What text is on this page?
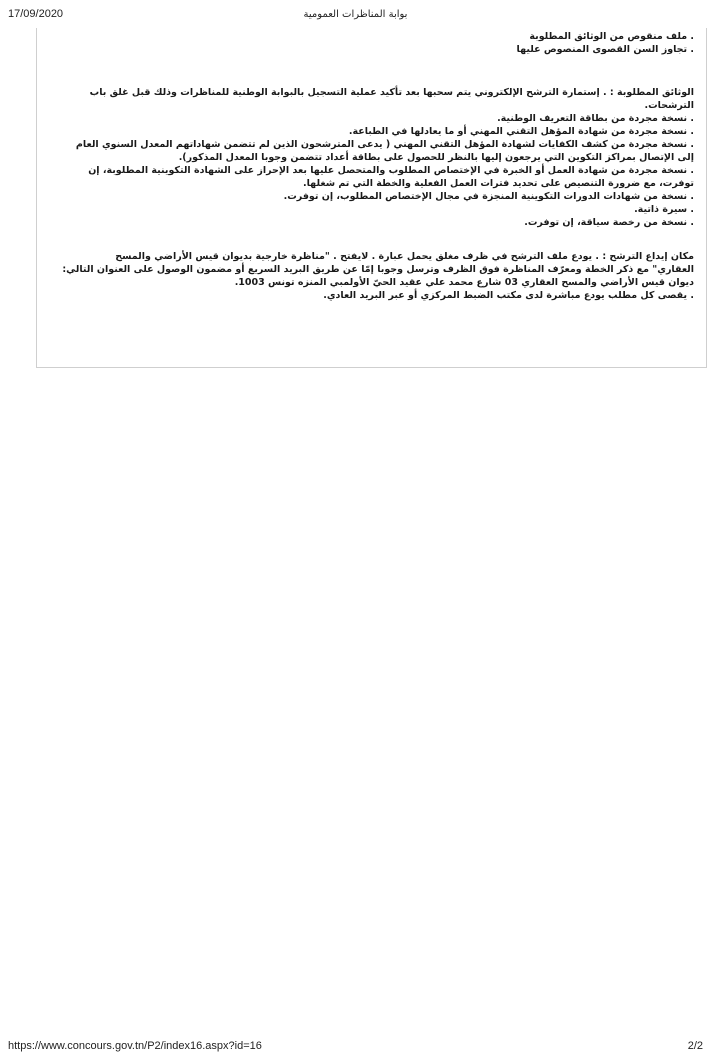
17/09/2020	بوابة المناظرات العمومية
. ملف منقوص من الوثائق المطلوبة
. تجاوز السن القصوى المنصوص عليها
الوثائق المطلوبة : . إستمارة الترشح الإلكتروني يتم سحبها بعد تأكيد عملية التسجيل بالبوابة الوطنية للمناظرات وذلك قبل غلق باب
الترشحات.
. نسخة مجردة من بطاقة التعريف الوطنية.
. نسخة مجردة من شهادة المؤهل التقني المهني أو ما يعادلها في الطباعة.
. نسخة مجردة من كشف الكفايات لشهادة المؤهل التقني المهني ( يدعى المترشحون الذين لم تتضمن شهاداتهم المعدل السنوي العام
إلى الإتصال بمراكز التكوين التي يرجعون إليها بالنظر للحصول على بطاقة أعداد تتضمن وجوبا المعدل المذكور).
. نسخة مجردة من شهادة العمل أو الخبرة في الإختصاص المطلوب والمتحصل عليها بعد الإحراز على الشهادة التكوينية المطلوبة، إن
توفرت، مع ضرورة التنصيص على تحديد فترات العمل الفعلية والخطة التي تم شغلها.
. نسخة من شهادات الدورات التكوينية المنجزة في مجال الإختصاص المطلوب، إن توفرت.
. سيرة ذاتية.
. نسخة من رخصة سياقة، إن توفرت.
مكان إيداع الترشح : . يودع ملف الترشح في ظرف مغلق يحمل عبارة . لايفتح . "مناظرة خارجية بديوان قيس الأراضي والمسح
العقاري" مع ذكر الخطة ومعرّف المناظرة فوق الظرف وترسل وجوبا إمّا عن طريق البريد السريع أو مضمون الوصول على العنوان التالي:
ديوان قيس الأراضي والمسح العقاري 03 شارع محمد علي عقيد الحيّ الأولمبي المنزه تونس 1003.
. يقصى كل مطلب يودع مباشرة لدى مكتب الضبط المركزي أو عبر البريد العادي.
https://www.concours.gov.tn/P2/index16.aspx?id=16	2/2
